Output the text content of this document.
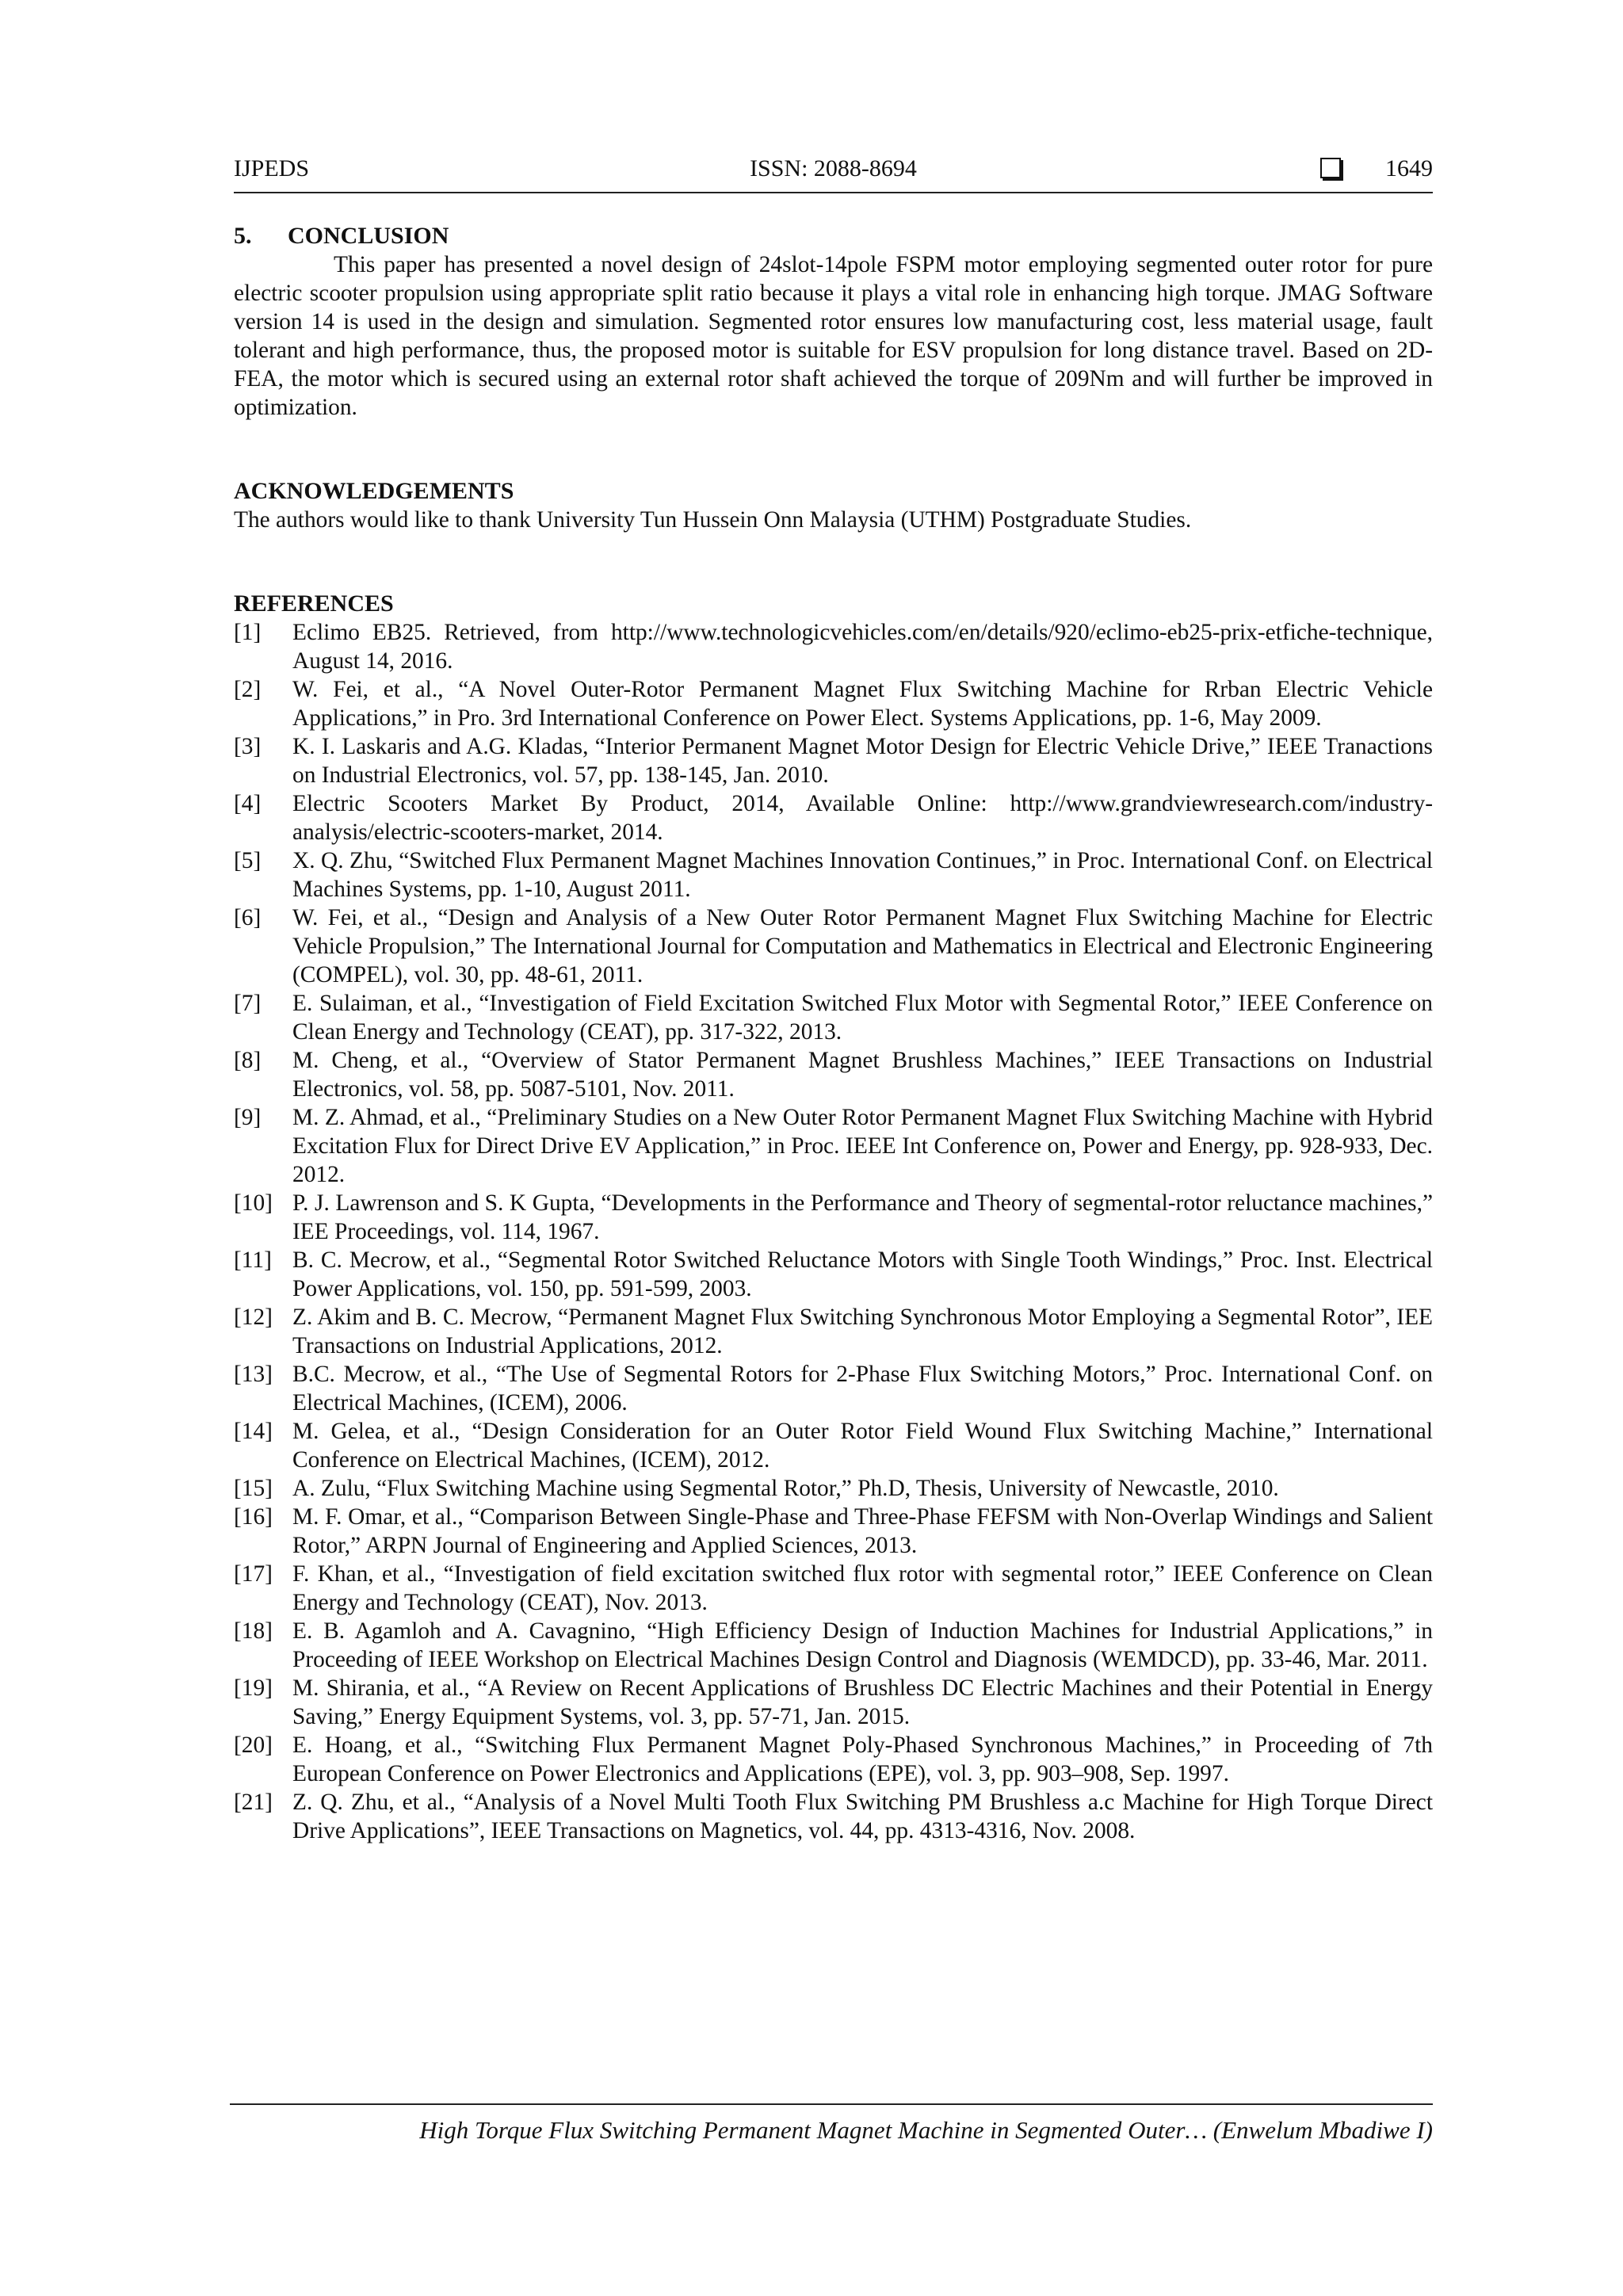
IJPEDS	ISSN: 2088-8694	1649
5. CONCLUSION

This paper has presented a novel design of 24slot-14pole FSPM motor employing segmented outer rotor for pure electric scooter propulsion using appropriate split ratio because it plays a vital role in enhancing high torque. JMAG Software version 14 is used in the design and simulation. Segmented rotor ensures low manufacturing cost, less material usage, fault tolerant and high performance, thus, the proposed motor is suitable for ESV propulsion for long distance travel. Based on 2D-FEA, the motor which is secured using an external rotor shaft achieved the torque of 209Nm and will further be improved in optimization.

ACKNOWLEDGEMENTS

The authors would like to thank University Tun Hussein Onn Malaysia (UTHM) Postgraduate Studies.

REFERENCES
[1]	Eclimo EB25. Retrieved, from http://www.technologicvehicles.com/en/details/920/eclimo-eb25-prix-etfiche-technique, August 14, 2016.
[2]	W. Fei, et al., “A Novel Outer-Rotor Permanent Magnet Flux Switching Machine for Rrban Electric Vehicle Applications,” in Pro. 3rd International Conference on Power Elect. Systems Applications, pp. 1-6, May 2009.
[3]	K. I. Laskaris and A.G. Kladas, “Interior Permanent Magnet Motor Design for Electric Vehicle Drive,” IEEE Tranactions on Industrial Electronics, vol. 57, pp. 138-145, Jan. 2010.
[4]	Electric Scooters Market By Product, 2014, Available Online: http://www.grandviewresearch.com/industry-analysis/electric-scooters-market, 2014.
[5]	X. Q. Zhu, “Switched Flux Permanent Magnet Machines Innovation Continues,” in Proc. International Conf. on Electrical Machines Systems, pp. 1-10, August 2011.
[6]	W. Fei, et al., “Design and Analysis of a New Outer Rotor Permanent Magnet Flux Switching Machine for Electric Vehicle Propulsion,” The International Journal for Computation and Mathematics in Electrical and Electronic Engineering (COMPEL), vol. 30, pp. 48-61, 2011.
[7]	E. Sulaiman, et al., “Investigation of Field Excitation Switched Flux Motor with Segmental Rotor,” IEEE Conference on Clean Energy and Technology (CEAT), pp. 317-322, 2013.
[8]	M. Cheng, et al., “Overview of Stator Permanent Magnet Brushless Machines,” IEEE Transactions on Industrial Electronics, vol. 58, pp. 5087-5101, Nov. 2011.
[9]	M. Z. Ahmad, et al., “Preliminary Studies on a New Outer Rotor Permanent Magnet Flux Switching Machine with Hybrid Excitation Flux for Direct Drive EV Application,” in Proc. IEEE Int Conference on, Power and Energy, pp. 928-933, Dec. 2012.
[10] P. J. Lawrenson and S. K Gupta, “Developments in the Performance and Theory of segmental-rotor reluctance machines,” IEE Proceedings, vol. 114, 1967.
[11] B. C. Mecrow, et al., “Segmental Rotor Switched Reluctance Motors with Single Tooth Windings,” Proc. Inst. Electrical Power Applications, vol. 150, pp. 591-599, 2003.
[12] Z. Akim and B. C. Mecrow, “Permanent Magnet Flux Switching Synchronous Motor Employing a Segmental Rotor”, IEE Transactions on Industrial Applications, 2012.
[13] B.C. Mecrow, et al., “The Use of Segmental Rotors for 2-Phase Flux Switching Motors,” Proc. International Conf. on Electrical Machines, (ICEM), 2006.
[14] M. Gelea, et al., “Design Consideration for an Outer Rotor Field Wound Flux Switching Machine,” International Conference on Electrical Machines, (ICEM), 2012.
[15] A. Zulu, “Flux Switching Machine using Segmental Rotor,” Ph.D, Thesis, University of Newcastle, 2010.
[16] M. F. Omar, et al., “Comparison Between Single-Phase and Three-Phase FEFSM with Non-Overlap Windings and Salient Rotor,” ARPN Journal of Engineering and Applied Sciences, 2013.
[17] F. Khan, et al., “Investigation of field excitation switched flux rotor with segmental rotor,” IEEE Conference on Clean Energy and Technology (CEAT), Nov. 2013.
[18] E. B. Agamloh and A. Cavagnino, “High Efficiency Design of Induction Machines for Industrial Applications,” in Proceeding of IEEE Workshop on Electrical Machines Design Control and Diagnosis (WEMDCD), pp. 33-46, Mar. 2011.
[19] M. Shirania, et al., “A Review on Recent Applications of Brushless DC Electric Machines and their Potential in Energy Saving,” Energy Equipment Systems, vol. 3, pp. 57-71, Jan. 2015.
[20] E. Hoang, et al., “Switching Flux Permanent Magnet Poly-Phased Synchronous Machines,” in Proceeding of 7th European Conference on Power Electronics and Applications (EPE), vol. 3, pp. 903–908, Sep. 1997.
[21] Z. Q. Zhu, et al., “Analysis of a Novel Multi Tooth Flux Switching PM Brushless a.c Machine for High Torque Direct Drive Applications”, IEEE Transactions on Magnetics, vol. 44, pp. 4313-4316, Nov. 2008.
High Torque Flux Switching Permanent Magnet Machine in Segmented Outer… (Enwelum Mbadiwe I)
